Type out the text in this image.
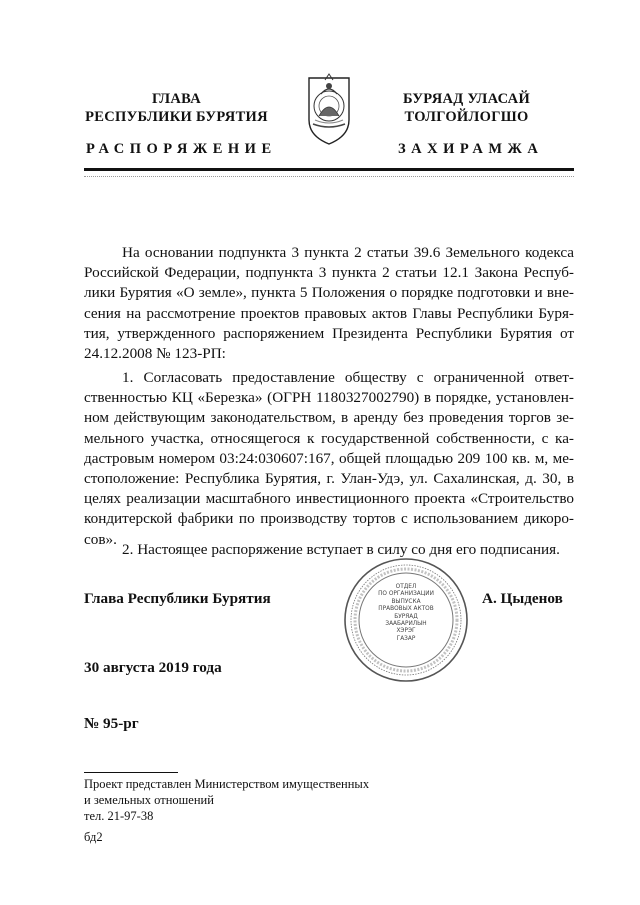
ГЛАВА
РЕСПУБЛИКИ БУРЯТИЯ
РАСПОРЯЖЕНИЕ
БУРЯАД УЛАСАЙ
ТОЛГОЙЛОГШО
ЗАХИРАМЖА
На основании подпункта 3 пункта 2 статьи 39.6 Земельного кодекса
Российской Федерации, подпункта 3 пункта 2 статьи 12.1 Закона Респуб-
лики Бурятия «О земле», пункта 5 Положения о порядке подготовки и вне-
сения на рассмотрение проектов правовых актов Главы Республики Буря-
тия, утвержденного распоряжением Президента Республики Бурятия от
24.12.2008 № 123-РП:
1. Согласовать предоставление обществу с ограниченной ответ-
ственностью КЦ «Березка» (ОГРН 1180327002790) в порядке, установлен-
ном действующим законодательством, в аренду без проведения торгов зе-
мельного участка, относящегося к государственной собственности, с ка-
дастровым номером 03:24:030607:167, общей площадью 209 100 кв. м, ме-
стоположение: Республика Бурятия, г. Улан-Удэ, ул. Сахалинская, д. 30, в
целях реализации масштабного инвестиционного проекта «Строительство
кондитерской фабрики по производству тортов с использованием дикоро-
сов».
2. Настоящее распоряжение вступает в силу со дня его подписания.
Глава Республики Бурятия	А. Цыденов
ОТДЕЛ
ПО ОРГАНИЗАЦИИ
ВЫПУСКА
ПРАВОВЫХ АКТОВ
БУРЯАД
ЗААБАРИЛЫН
ХЭРЭГ
ГАЗАР
30 августа 2019 года
№ 95-рг
Проект представлен Министерством имущественных
и земельных отношений
тел. 21-97-38
бд2
